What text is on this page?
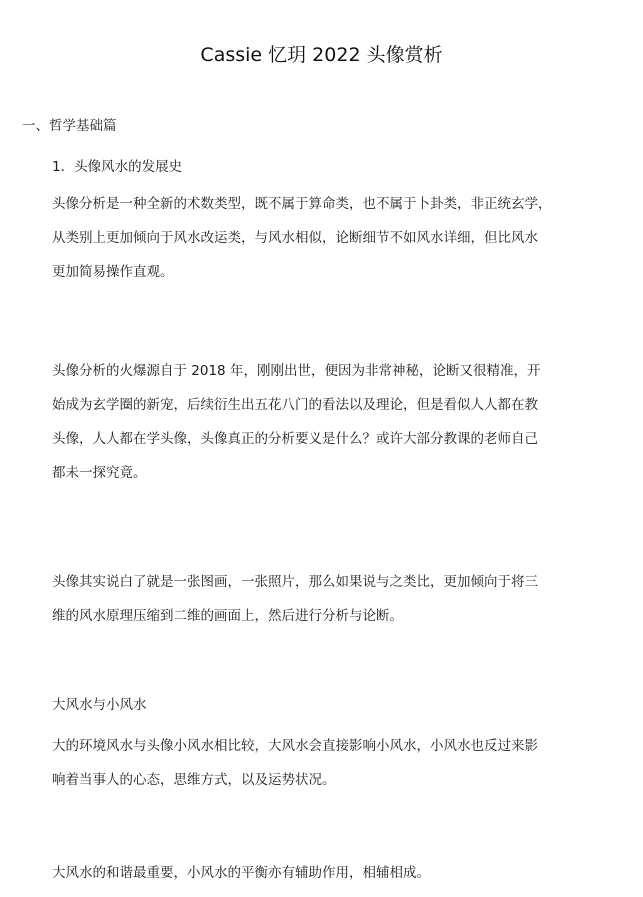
Cassie 忆玥 2022 头像赏析
一、哲学基础篇
1．头像风水的发展史

头像分析是一种全新的术数类型，既不属于算命类，也不属于卜卦类，非正统玄学，
从类别上更加倾向于风水改运类，与风水相似，论断细节不如风水详细，但比风水
更加简易操作直观。

头像分析的火爆源自于 2018 年，刚刚出世，便因为非常神秘，论断又很精准，开
始成为玄学圈的新宠，后续衍生出五花八门的看法以及理论，但是看似人人都在教
头像，人人都在学头像，头像真正的分析要义是什么？或许大部分教课的老师自己
都未一探究竟。

头像其实说白了就是一张图画，一张照片，那么如果说与之类比，更加倾向于将三
维的风水原理压缩到二维的画面上，然后进行分析与论断。

大风水与小风水

大的环境风水与头像小风水相比较，大风水会直接影响小风水，小风水也反过来影
响着当事人的心态，思维方式，以及运势状况。

大风水的和谐最重要，小风水的平衡亦有辅助作用，相辅相成。
